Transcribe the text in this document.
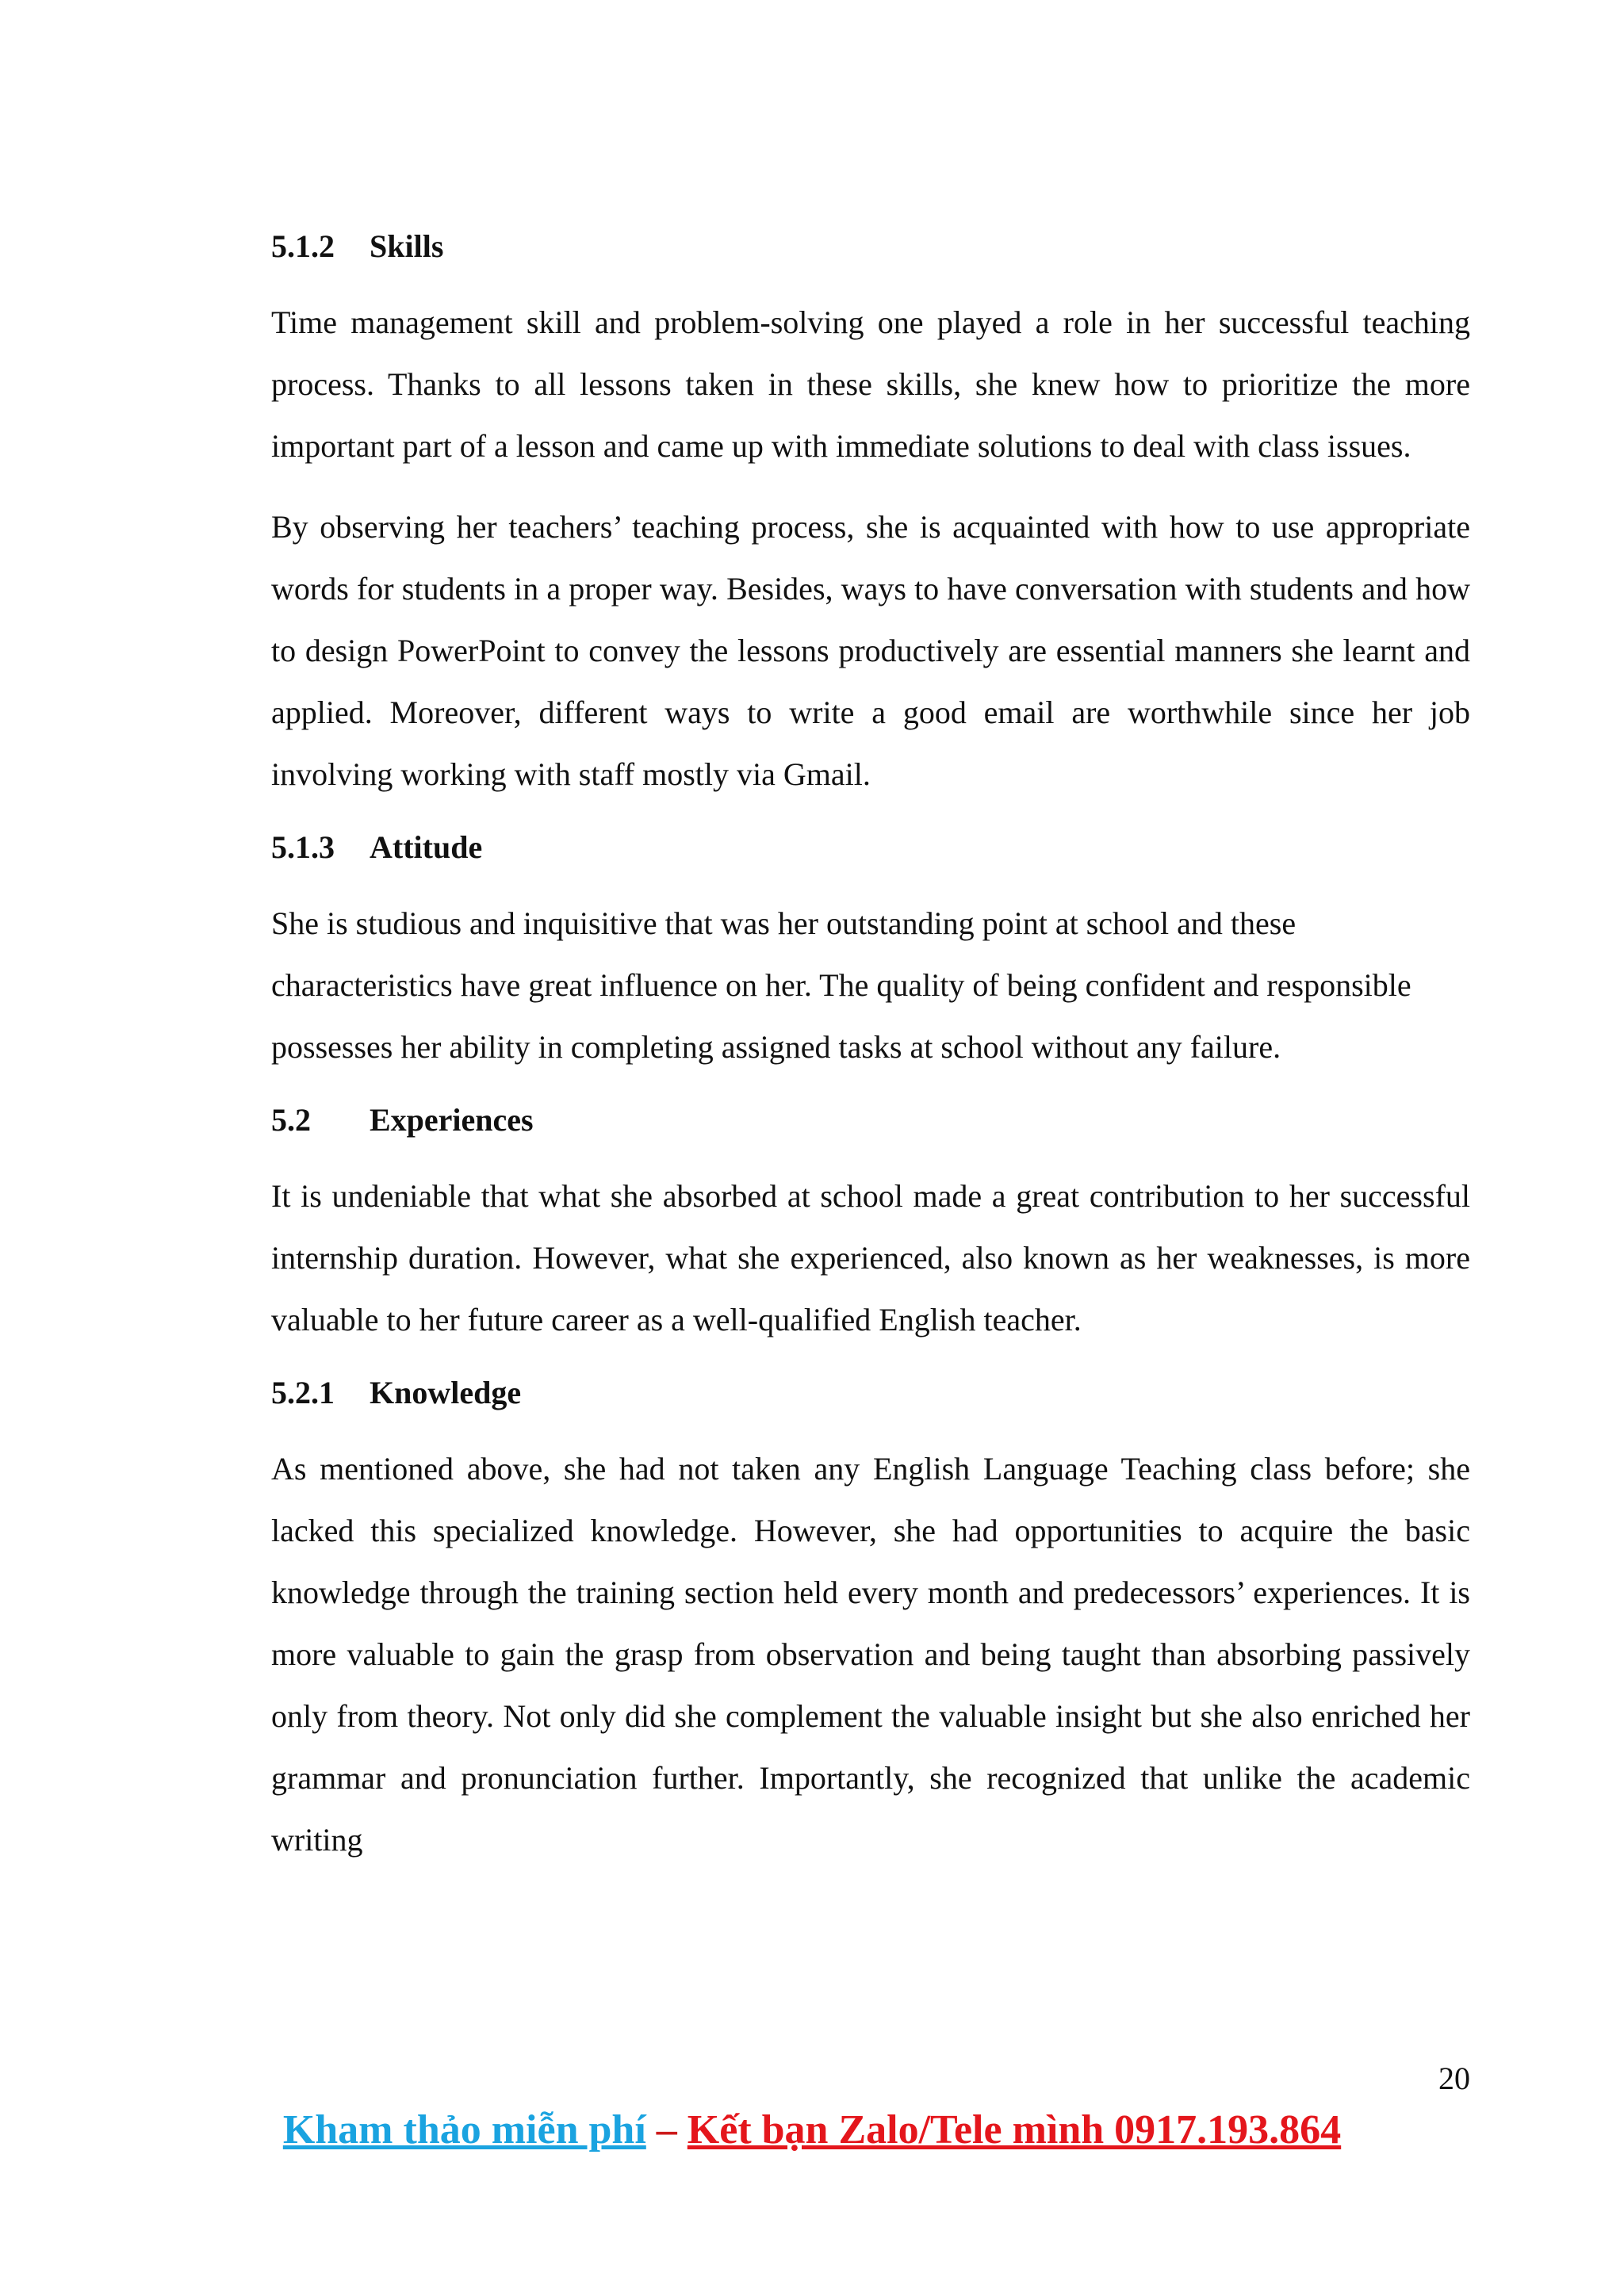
5.1.2 Skills

Time management skill and problem-solving one played a role in her successful teaching process. Thanks to all lessons taken in these skills, she knew how to prioritize the more important part of a lesson and came up with immediate solutions to deal with class issues.

By observing her teachers’ teaching process, she is acquainted with how to use appropriate words for students in a proper way. Besides, ways to have conversation with students and how to design PowerPoint to convey the lessons productively are essential manners she learnt and applied. Moreover, different ways to write a good email are worthwhile since her job involving working with staff mostly via Gmail.

5.1.3 Attitude

She is studious and inquisitive that was her outstanding point at school and these characteristics have great influence on her. The quality of being confident and responsible possesses her ability in completing assigned tasks at school without any failure.

5.2 Experiences

It is undeniable that what she absorbed at school made a great contribution to her successful internship duration. However, what she experienced, also known as her weaknesses, is more valuable to her future career as a well-qualified English teacher.

5.2.1 Knowledge

As mentioned above, she had not taken any English Language Teaching class before; she lacked this specialized knowledge. However, she had opportunities to acquire the basic knowledge through the training section held every month and predecessors’ experiences. It is more valuable to gain the grasp from observation and being taught than absorbing passively only from theory. Not only did she complement the valuable insight but she also enriched her grammar and pronunciation further. Importantly, she recognized that unlike the academic writing

20
Kham thảo miễn phí – Kết bạn Zalo/Tele mình 0917.193.864
